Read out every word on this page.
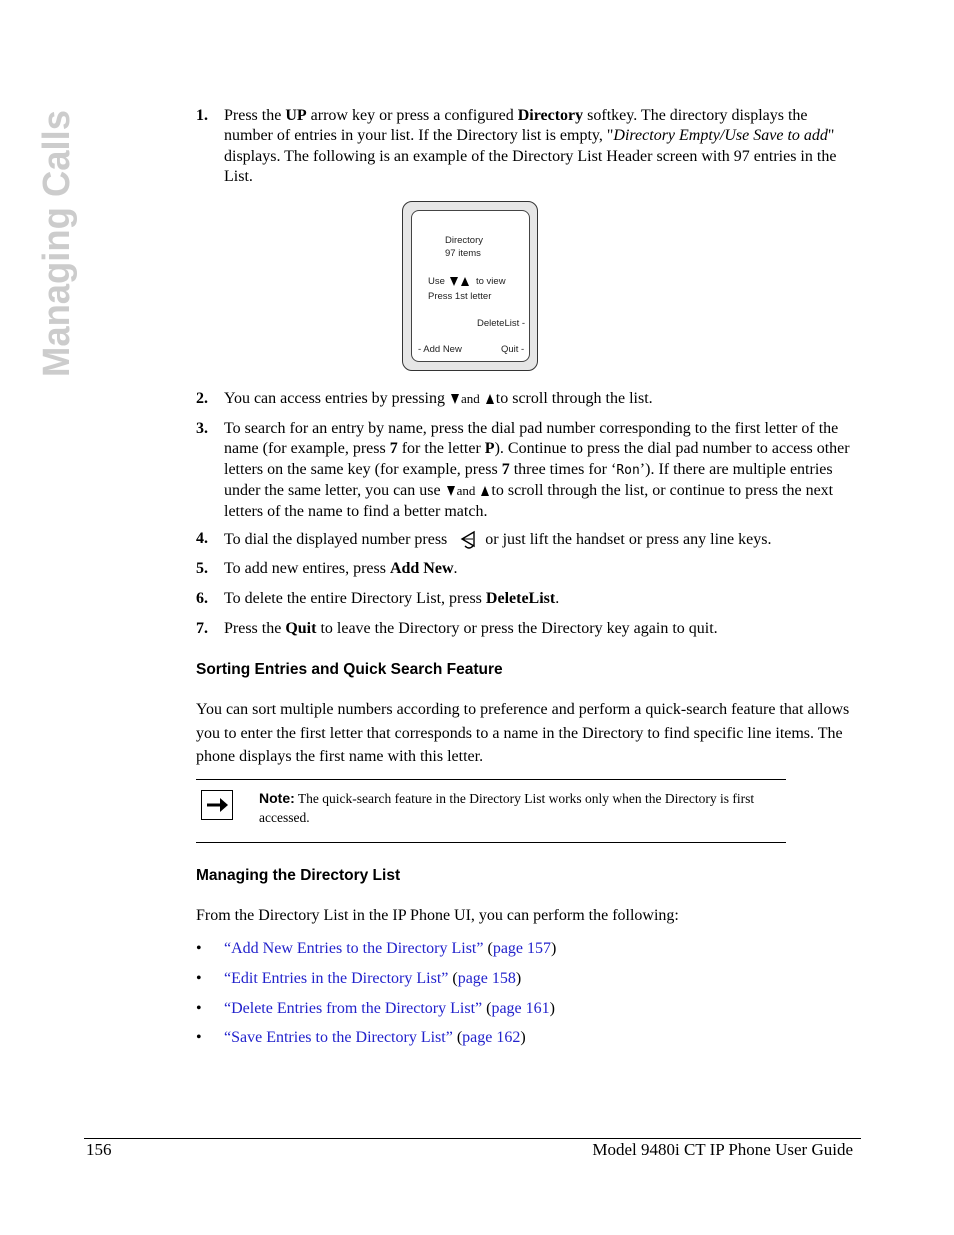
Managing Calls	1. Press the UP arrow key or press a configured Directory softkey. The directory displays the number of entries in your list. If the Directory list is empty, "Directory Empty/Use Save to add" displays. The following is an example of the Directory List Header screen with 97 entries in the List.
2. You can access entries by pressing and to scroll through the list.
3. To search for an entry by name, press the dial pad number corresponding to the first letter of the name (for example, press 7 for the letter P). Continue to press the dial pad number to access other letters on the same key (for example, press 7 three times for ‘Ron’). If there are multiple entries under the same letter, you can use and to scroll through the list, or continue to press the next letters of the name to find a better match.
4. To dial the displayed number press or just lift the handset or press any line keys.
5. To add new entires, press Add New.
6. To delete the entire Directory List, press DeleteList.
7. Press the Quit to leave the Directory or press the Directory key again to quit.
Directory
97 items
Use	to view
Press 1st letter
DeleteList -
- Add New	Quit -
Sorting Entries and Quick Search Feature

You can sort multiple numbers according to preference and perform a quick-search feature that allows you to enter the first letter that corresponds to a name in the Directory to find specific line items. The phone displays the first name with this letter.

Note: The quick-search feature in the Directory List works only when the Directory is first accessed.
Managing the Directory List

From the Directory List in the IP Phone UI, you can perform the following:

• “Add New Entries to the Directory List” (page 157)
• “Edit Entries in the Directory List” (page 158)
• “Delete Entries from the Directory List” (page 161)
• “Save Entries to the Directory List” (page 162)
156	Model 9480i CT IP Phone User Guide
